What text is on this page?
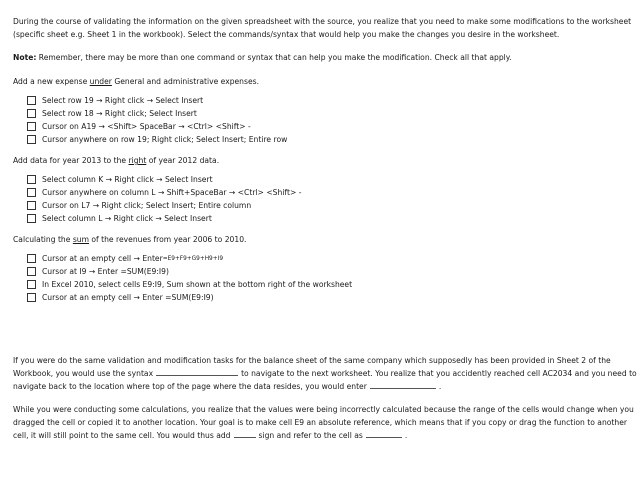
During the course of validating the information on the given spreadsheet with the source, you realize that you need to make some modifications to the worksheet (specific sheet e.g. Sheet 1 in the workbook). Select the commands/syntax that would help you make the changes you desire in the worksheet.

Note: Remember, there may be more than one command or syntax that can help you make the modification. Check all that apply.

Add a new expense under General and administrative expenses.

Select row 19 → Right click → Select Insert
Select row 18 → Right click; Select Insert
Cursor on A19 → <Shift> SpaceBar → <Ctrl> <Shift> -
Cursor anywhere on row 19; Right click; Select Insert; Entire row

Add data for year 2013 to the right of year 2012 data.

Select column K → Right click → Select Insert
Cursor anywhere on column L → Shift+SpaceBar → <Ctrl> <Shift> -
Cursor on L7 → Right click; Select Insert; Entire column
Select column L → Right click → Select Insert

Calculating the sum of the revenues from year 2006 to 2010.

Cursor at an empty cell → Enter =E9+F9+G9+H9+I9
Cursor at I9 → Enter =SUM(E9:I9)
In Excel 2010, select cells E9:I9, Sum shown at the bottom right of the worksheet
Cursor at an empty cell → Enter =SUM(E9:I9)

If you were do the same validation and modification tasks for the balance sheet of the same company which supposedly has been provided in Sheet 2 of the Workbook, you would use the syntax	to navigate to the next worksheet. You realize that you accidently reached cell AC2034 and you need to navigate back to the location where top of the page where the data resides, you would enter	.

While you were conducting some calculations, you realize that the values were being incorrectly calculated because the range of the cells would change when you dragged the cell or copied it to another location. Your goal is to make cell E9 an absolute reference, which means that if you copy or drag the function to another cell, it will still point to the same cell. You would thus add	sign and refer to the cell as	.
